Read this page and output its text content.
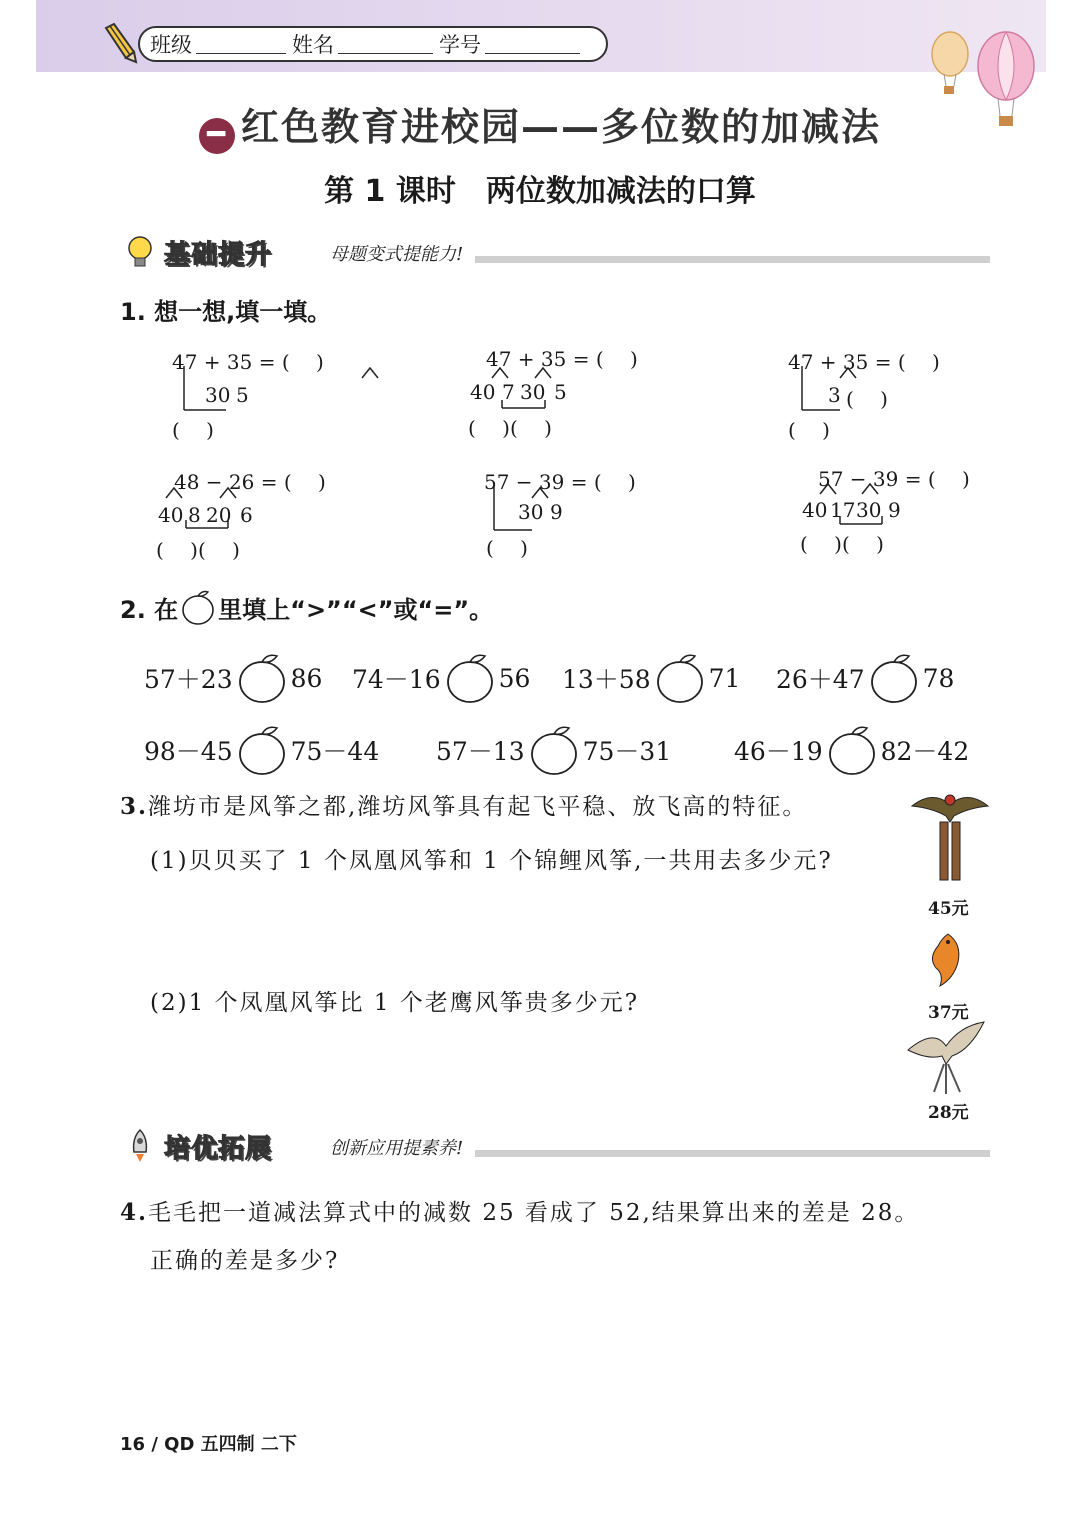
班级	姓名	学号
━ 红色教育进校园——多位数的加减法
第 1 课时　两位数加减法的口算
基础提升	母题变式提能力!
1. 想一想,填一填。
47 + 35 = (　 )
30 5
(　 )
47 + 35 = (　 )
40 7 30 5
(　 )(　 )
47 + 35 = (　 )
3 (　 )
(　 )
48 − 26 = (　 )
40 8 20 6
(　 )(　 )
57 − 39 = (　 )
30 9
(　 )
57 − 39 = (　 )
40 17 30 9
(　 )(　 )
2. 在 里填上“>”“<”或“=”。
57＋23 86 74－16 56 13＋58 71 26＋47 78
98－45 75－44 57－13 75－31	46－19 82－42
3.潍坊市是风筝之都,潍坊风筝具有起飞平稳、放飞高的特征。
(1)贝贝买了 1 个凤凰风筝和 1 个锦鲤风筝,一共用去多少元?
(2)1 个凤凰风筝比 1 个老鹰风筝贵多少元?
45元
37元
28元
培优拓展	创新应用提素养!
4.毛毛把一道减法算式中的减数 25 看成了 52,结果算出来的差是 28。
正确的差是多少?
16 / QD 五四制 二下
